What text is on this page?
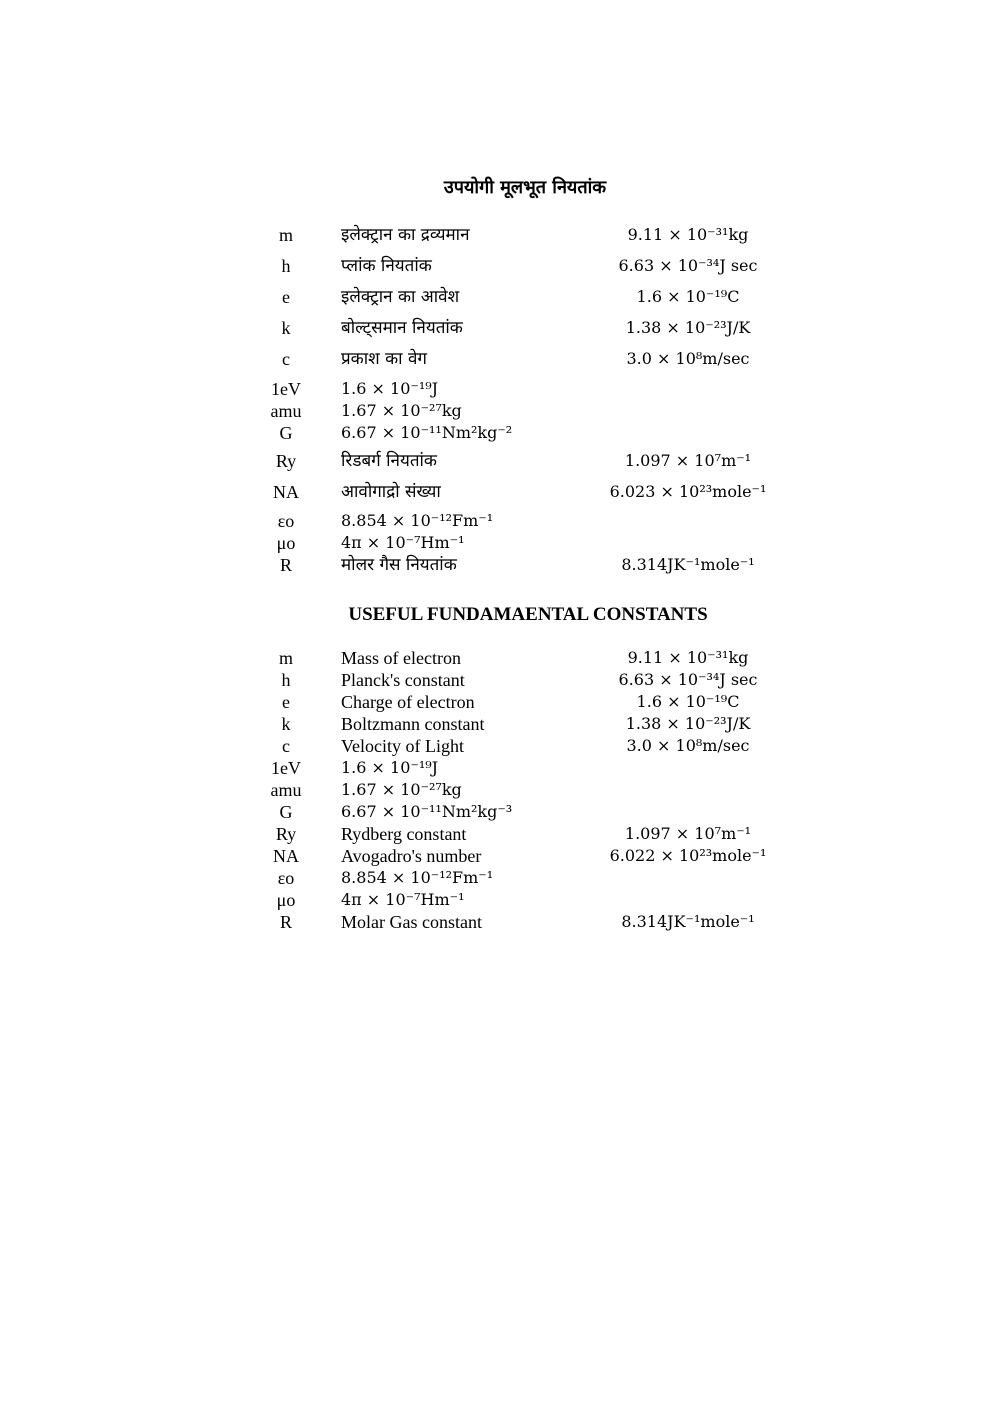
उपयोगी मूलभूत नियतांक
m	इलेक्ट्रान का द्रव्यमान	9.11 × 10⁻³¹kg
h	प्लांक नियतांक	6.63 × 10⁻³⁴J sec
e	इलेक्ट्रान का आवेश	1.6 × 10⁻¹⁹C
k	बोल्ट्समान नियतांक	1.38 × 10⁻²³J/K
c	प्रकाश का वेग	3.0 × 10⁸m/sec
1eV	1.6 × 10⁻¹⁹J
amu	1.67 × 10⁻²⁷kg
G	6.67 × 10⁻¹¹Nm²kg⁻²
Ry	रिडबर्ग नियतांक	1.097 × 10⁷m⁻¹
NA	आवोगाद्रो संख्या	6.023 × 10²³mole⁻¹
εo	8.854 × 10⁻¹²Fm⁻¹
μo	4π × 10⁻⁷Hm⁻¹
R	मोलर गैस नियतांक	8.314JK⁻¹mole⁻¹
USEFUL FUNDAMAENTAL CONSTANTS
m	Mass of electron	9.11 × 10⁻³¹kg
h	Planck's constant	6.63 × 10⁻³⁴J sec
e	Charge of electron	1.6 × 10⁻¹⁹C
k	Boltzmann constant	1.38 × 10⁻²³J/K
c	Velocity of Light	3.0 × 10⁸m/sec
1eV	1.6 × 10⁻¹⁹J
amu	1.67 × 10⁻²⁷kg
G	6.67 × 10⁻¹¹Nm²kg⁻³
Ry	Rydberg constant	1.097 × 10⁷m⁻¹
NA	Avogadro's number	6.022 × 10²³mole⁻¹
εo	8.854 × 10⁻¹²Fm⁻¹
μo	4π × 10⁻⁷Hm⁻¹
R	Molar Gas constant	8.314JK⁻¹mole⁻¹
